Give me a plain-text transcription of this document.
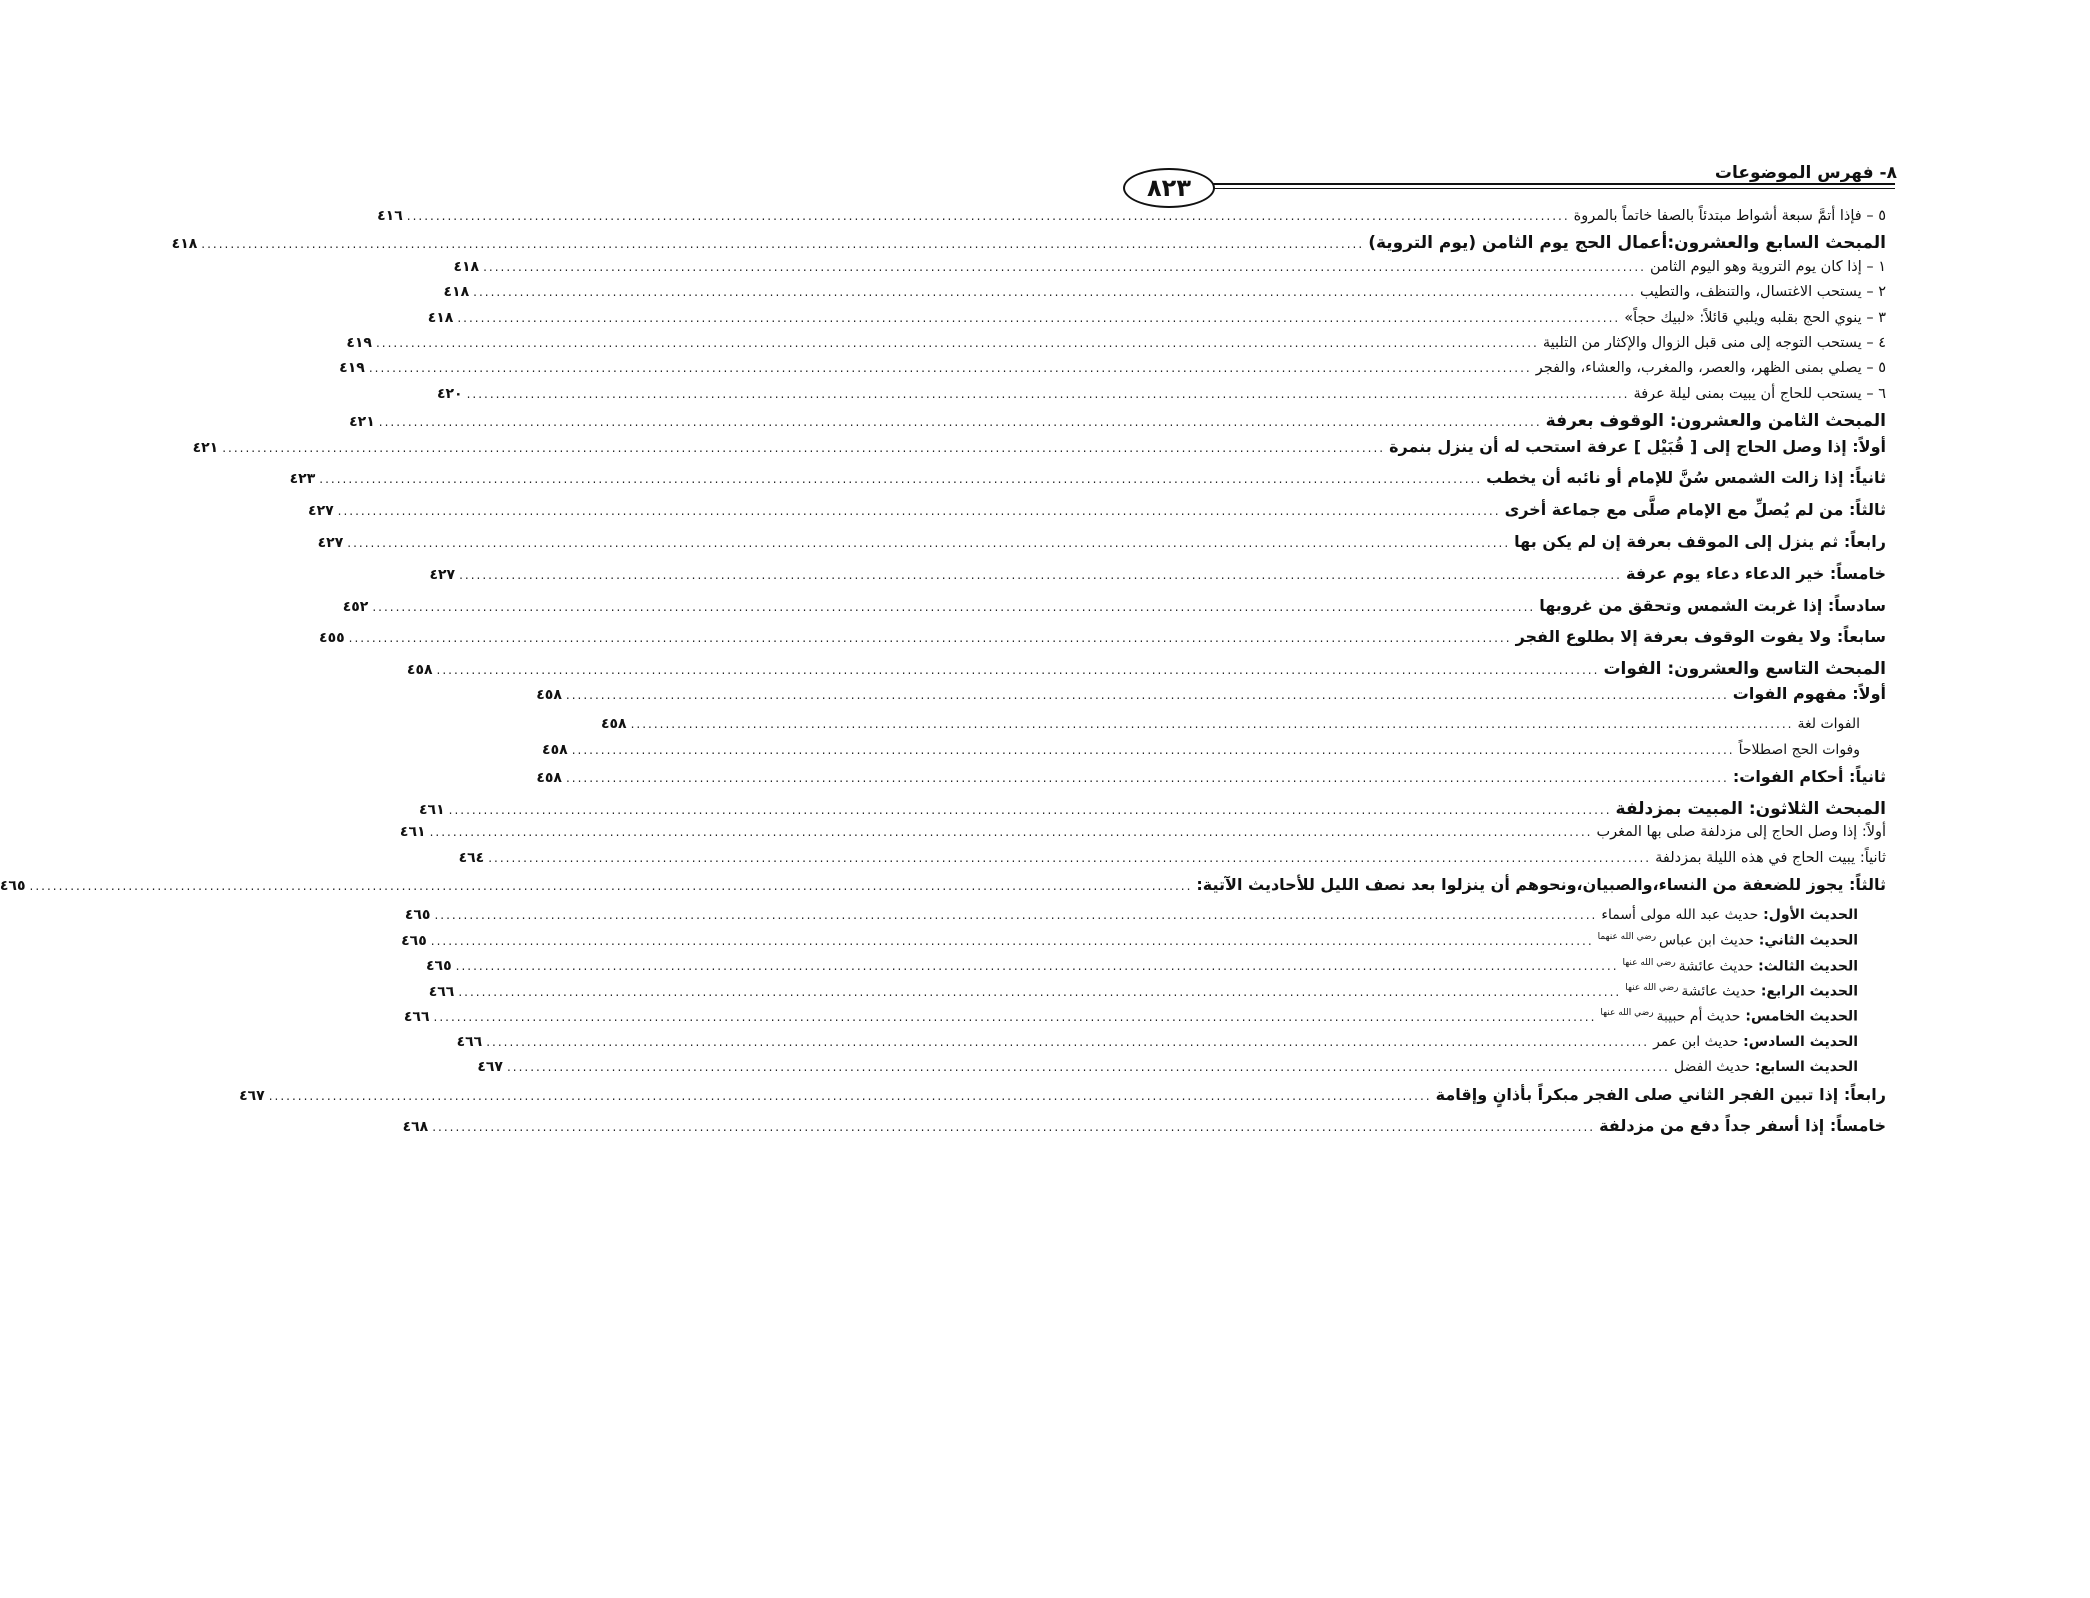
٨- فهرس الموضوعات
٨٢٣
٥ – فإذا أتمَّ سبعة أشواط مبتدئاً بالصفا خاتماً بالمروة
........................................................................................................................................................................................................
٤١٦
المبحث السابع والعشرون:أعمال الحج يوم الثامن (يوم التروية)
........................................................................................................................................................................................................
٤١٨
١ – إذا كان يوم التروية وهو اليوم الثامن
........................................................................................................................................................................................................
٤١٨
٢ – يستحب الاغتسال، والتنظف، والتطيب
........................................................................................................................................................................................................
٤١٨
٣ – ينوي الحج بقلبه ويلبي قائلاً: «لبيك حجاً»
........................................................................................................................................................................................................
٤١٨
٤ – يستحب التوجه إلى منى قبل الزوال والإكثار من التلبية
........................................................................................................................................................................................................
٤١٩
٥ – يصلي بمنى الظهر، والعصر، والمغرب، والعشاء، والفجر
........................................................................................................................................................................................................
٤١٩
٦ – يستحب للحاج أن يبيت بمنى ليلة عرفة
........................................................................................................................................................................................................
٤٢٠
المبحث الثامن والعشرون: الوقوف بعرفة
........................................................................................................................................................................................................
٤٢١
أولاً: إذا وصل الحاج إلى [ قُبَيْل ] عرفة استحب له أن ينزل بنمرة
........................................................................................................................................................................................................
٤٢١
ثانياً: إذا زالت الشمس سُنَّ للإمام أو نائبه أن يخطب
........................................................................................................................................................................................................
٤٢٣
ثالثاً: من لم يُصلِّ مع الإمام صلَّى مع جماعة أخرى
........................................................................................................................................................................................................
٤٢٧
رابعاً: ثم ينزل إلى الموقف بعرفة إن لم يكن بها
........................................................................................................................................................................................................
٤٢٧
خامساً: خير الدعاء دعاء يوم عرفة
........................................................................................................................................................................................................
٤٢٧
سادساً: إذا غربت الشمس وتحقق من غروبها
........................................................................................................................................................................................................
٤٥٢
سابعاً: ولا يفوت الوقوف بعرفة إلا بطلوع الفجر
........................................................................................................................................................................................................
٤٥٥
المبحث التاسع والعشرون: الفوات
........................................................................................................................................................................................................
٤٥٨
أولاً: مفهوم الفوات
........................................................................................................................................................................................................
٤٥٨
الفوات لغة
........................................................................................................................................................................................................
٤٥٨
وفوات الحج اصطلاحاً
........................................................................................................................................................................................................
٤٥٨
ثانياً: أحكام الفوات:
........................................................................................................................................................................................................
٤٥٨
المبحث الثلاثون: المبيت بمزدلفة
........................................................................................................................................................................................................
٤٦١
أولاً: إذا وصل الحاج إلى مزدلفة صلى بها المغرب
........................................................................................................................................................................................................
٤٦١
ثانياً: يبيت الحاج في هذه الليلة بمزدلفة
........................................................................................................................................................................................................
٤٦٤
ثالثاً: يجوز للضعفة من النساء،والصبيان،ونحوهم أن ينزلوا بعد نصف الليل للأحاديث الآتية:
........................................................................................................................................................................................................
٤٦٥
الحديث الأول: حديث عبد الله مولى أسماء
........................................................................................................................................................................................................
٤٦٥
الحديث الثاني: حديث ابن عباس $^{رضي الله عنهما}$
........................................................................................................................................................................................................
٤٦٥
الحديث الثالث: حديث عائشة $^{رضي الله عنها}$
........................................................................................................................................................................................................
٤٦٥
الحديث الرابع: حديث عائشة $^{رضي الله عنها}$
........................................................................................................................................................................................................
٤٦٦
الحديث الخامس: حديث أم حبيبة $^{رضي الله عنها}$
........................................................................................................................................................................................................
٤٦٦
الحديث السادس: حديث ابن عمر
........................................................................................................................................................................................................
٤٦٦
الحديث السابع: حديث الفضل
........................................................................................................................................................................................................
٤٦٧
رابعاً: إذا تبين الفجر الثاني صلى الفجر مبكراً بأذانٍ وإقامة
........................................................................................................................................................................................................
٤٦٧
خامساً: إذا أسفر جداً دفع من مزدلفة
........................................................................................................................................................................................................
٤٦٨
